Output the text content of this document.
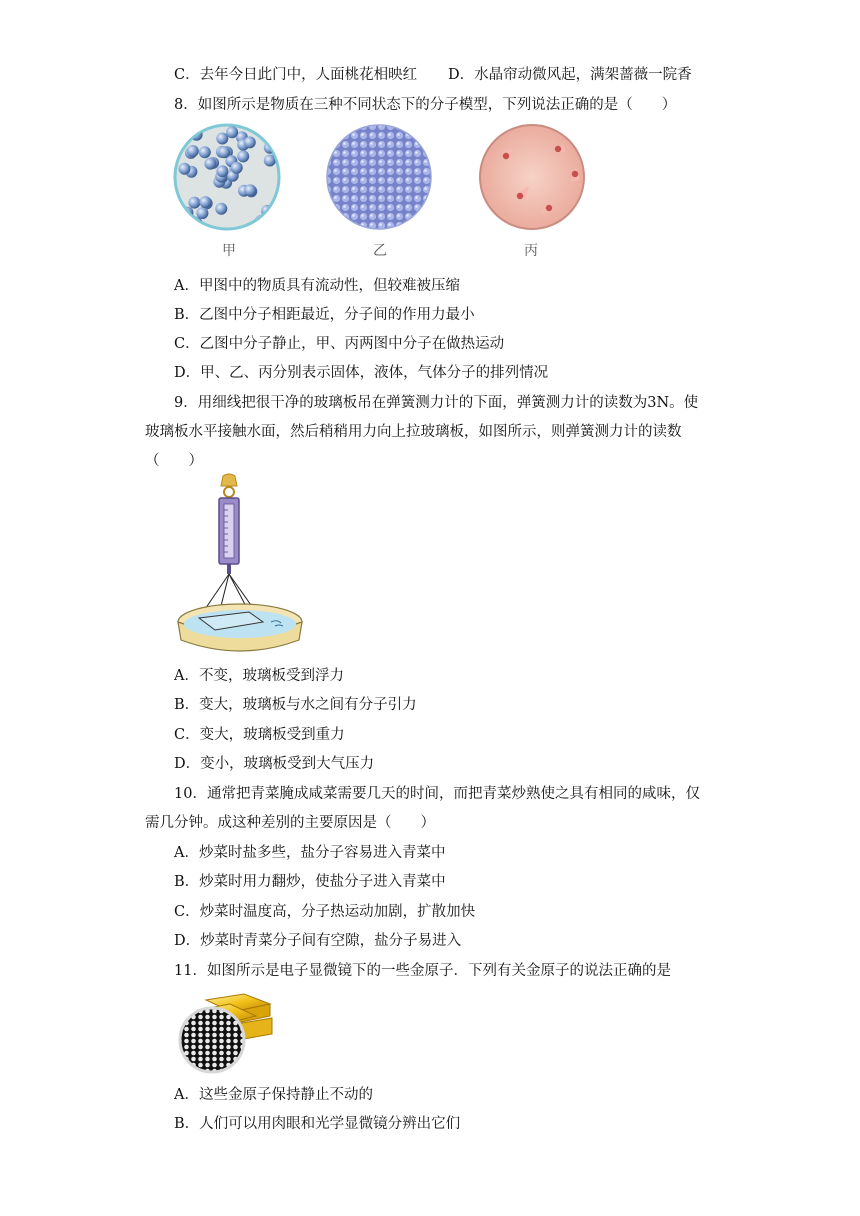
C．去年今日此门中，人面桃花相映红 D．水晶帘动微风起，满架蔷薇一院香
8．如图所示是物质在三种不同状态下的分子模型，下列说法正确的是（　　）
甲	乙	丙
A．甲图中的物质具有流动性，但较难被压缩
B．乙图中分子相距最近，分子间的作用力最小
C．乙图中分子静止，甲、丙两图中分子在做热运动
D．甲、乙、丙分别表示固体，液体，气体分子的排列情况
9．用细线把很干净的玻璃板吊在弹簧测力计的下面，弹簧测力计的读数为3N。使
玻璃板水平接触水面，然后稍稍用力向上拉玻璃板，如图所示，则弹簧测力计的读数
（　　）
A．不变，玻璃板受到浮力
B．变大，玻璃板与水之间有分子引力
C．变大，玻璃板受到重力
D．变小，玻璃板受到大气压力
10．通常把青菜腌成咸菜需要几天的时间，而把青菜炒熟使之具有相同的咸味，仅
需几分钟。成这种差别的主要原因是（　　）
A．炒菜时盐多些，盐分子容易进入青菜中
B．炒菜时用力翻炒，使盐分子进入青菜中
C．炒菜时温度高，分子热运动加剧，扩散加快
D．炒菜时青菜分子间有空隙，盐分子易进入
11．如图所示是电子显微镜下的一些金原子．下列有关金原子的说法正确的是
A．这些金原子保持静止不动的
B．人们可以用肉眼和光学显微镜分辨出它们
